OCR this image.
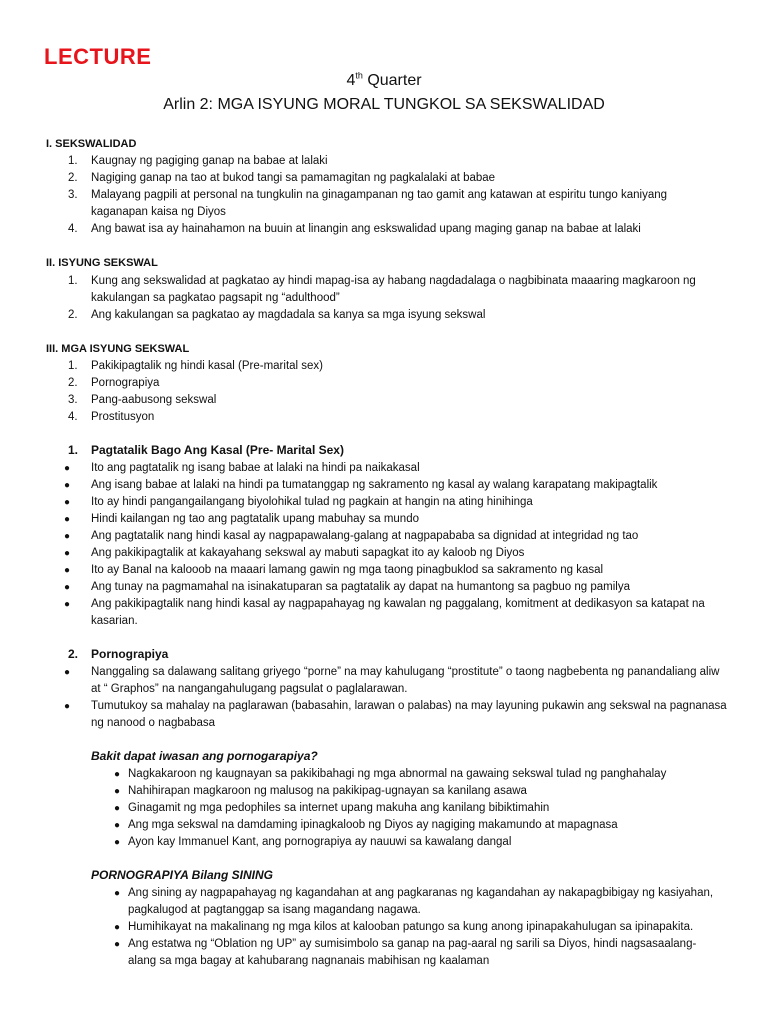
LECTURE
4th Quarter
Arlin 2: MGA ISYUNG MORAL TUNGKOL SA SEKSWALIDAD
I. SEKSWALIDAD
1. Kaugnay ng pagiging ganap na babae at lalaki
2. Nagiging ganap na tao at bukod tangi sa pamamagitan ng pagkalalaki at babae
3. Malayang pagpili at personal na tungkulin na ginagampanan ng tao gamit ang katawan at espiritu tungo kaniyang
kaganapan kaisa ng Diyos
4. Ang bawat isa ay hainahamon na buuin at linangin ang eskswalidad upang maging ganap na babae at lalaki
II. ISYUNG SEKSWAL
1. Kung ang sekswalidad at pagkatao ay hindi mapag-isa ay habang nagdadalaga o nagbibinata maaaring magkaroon ng
kakulangan sa pagkatao pagsapit ng “adulthood”
2. Ang kakulangan sa pagkatao ay magdadala sa kanya sa mga isyung sekswal
III. MGA ISYUNG SEKSWAL
1. Pakikipagtalik ng hindi kasal (Pre-marital sex)
2. Pornograpiya
3. Pang-aabusong sekswal
4. Prostitusyon
1. Pagtatalik Bago Ang Kasal (Pre- Marital Sex)
● Ito ang pagtatalik ng isang babae at lalaki na hindi pa naikakasal
● Ang isang babae at lalaki na hindi pa tumatanggap ng sakramento ng kasal ay walang karapatang makipagtalik
● Ito ay hindi pangangailangang biyolohikal tulad ng pagkain at hangin na ating hinihinga
● Hindi kailangan ng tao ang pagtatalik upang mabuhay sa mundo
● Ang pagtatalik nang hindi kasal ay nagpapawalang-galang at nagpapababa sa dignidad at integridad ng tao
● Ang pakikipagtalik at kakayahang sekswal ay mabuti sapagkat ito ay kaloob ng Diyos
● Ito ay Banal na kalooob na maaari lamang gawin ng mga taong pinagbuklod sa sakramento ng kasal
● Ang tunay na pagmamahal na isinakatuparan sa pagtatalik ay dapat na humantong sa pagbuo ng pamilya
● Ang pakikipagtalik nang hindi kasal ay nagpapahayag ng kawalan ng paggalang, komitment at dedikasyon sa katapat na
kasarian.
2. Pornograpiya
● Nanggaling sa dalawang salitang griyego “porne” na may kahulugang “prostitute” o taong nagbebenta ng panandaliang aliw
at “ Graphos” na nangangahulugang pagsulat o paglalarawan.
● Tumutukoy sa mahalay na paglarawan (babasahin, larawan o palabas) na may layuning pukawin ang sekswal na pagnanasa
ng nanood o nagbabasa
Bakit dapat iwasan ang pornogarapiya?
● Nagkakaroon ng kaugnayan sa pakikibahagi ng mga abnormal na gawaing sekswal tulad ng panghahalay
● Nahihirapan magkaroon ng malusog na pakikipag-ugnayan sa kanilang asawa
● Ginagamit ng mga pedophiles sa internet upang makuha ang kanilang bibiktimahin
● Ang mga sekswal na damdaming ipinagkaloob ng Diyos ay nagiging makamundo at mapagnasa
● Ayon kay Immanuel Kant, ang pornograpiya ay nauuwi sa kawalang dangal
PORNOGRAPIYA Bilang SINING
● Ang sining ay nagpapahayag ng kagandahan at ang pagkaranas ng kagandahan ay nakapagbibigay ng kasiyahan,
pagkalugod at pagtanggap sa isang magandang nagawa.
● Humihikayat na makalinang ng mga kilos at kalooban patungo sa kung anong ipinapakahulugan sa ipinapakita.
● Ang estatwa ng “Oblation ng UP” ay sumisimbolo sa ganap na pag-aaral ng sarili sa Diyos, hindi nagsasaalang-
alang sa mga bagay at kahubarang nagnanais mabihisan ng kaalaman
